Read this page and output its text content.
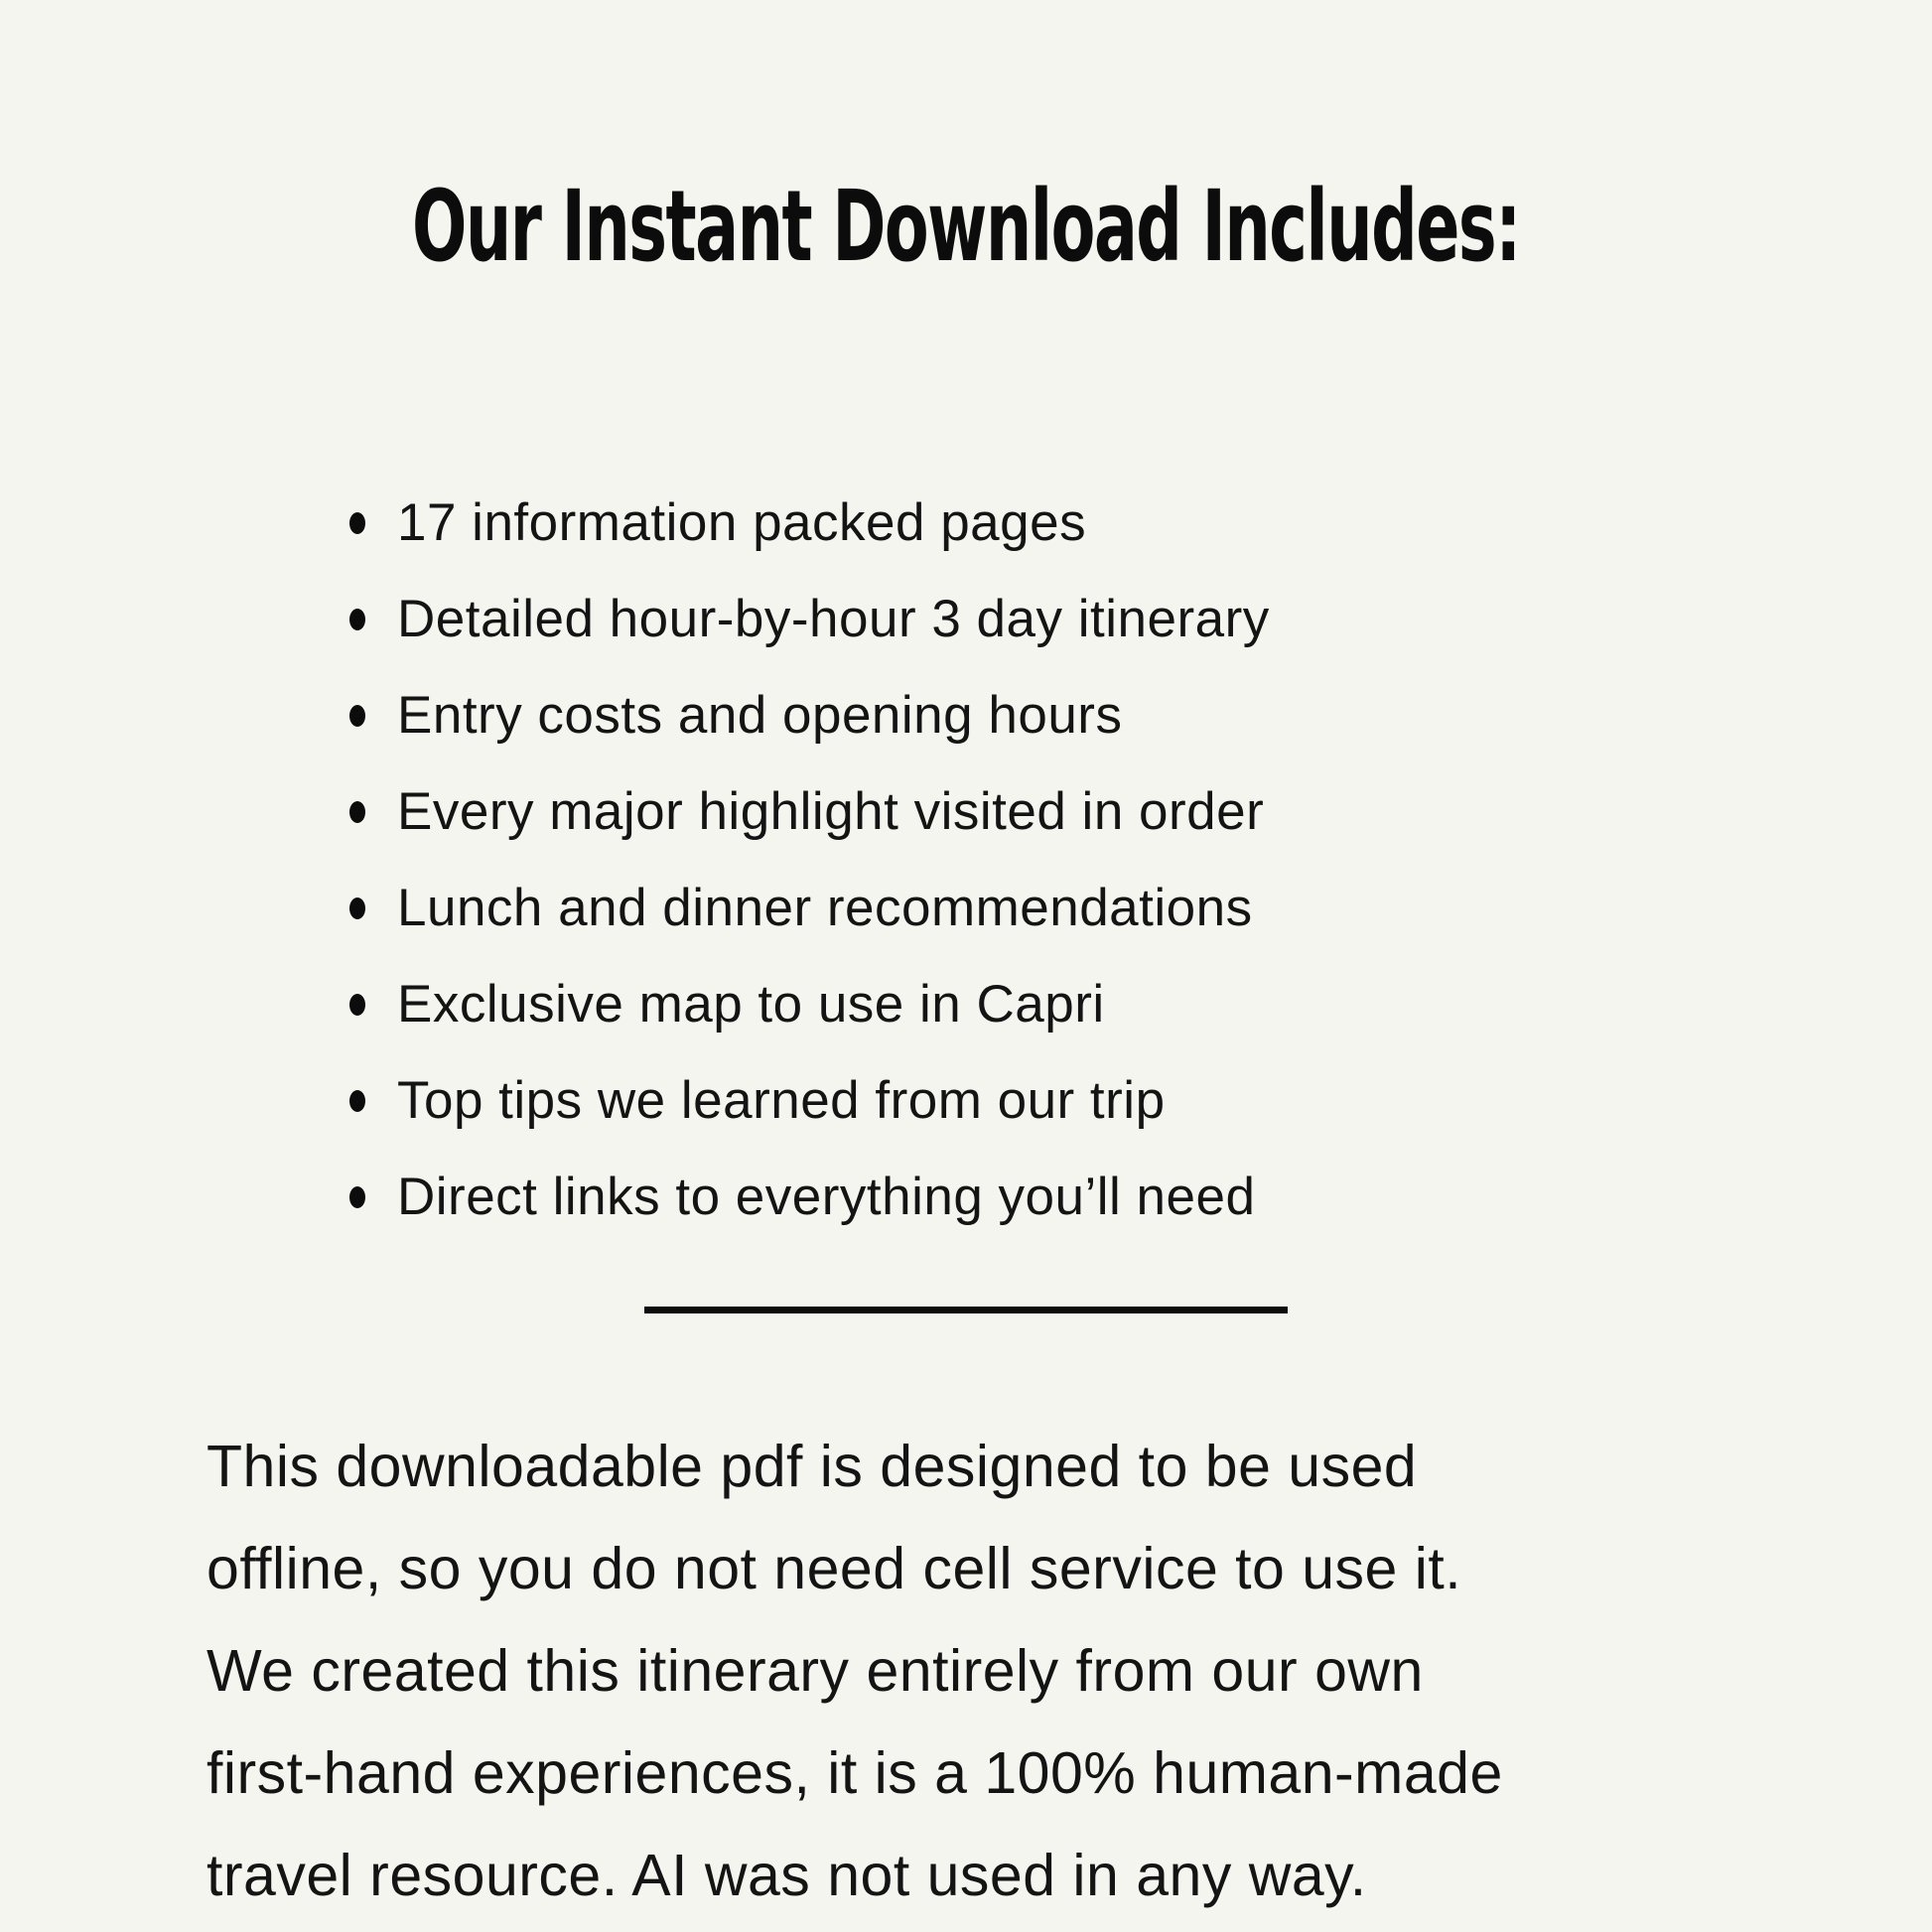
Our Instant Download Includes:
17 information packed pages
Detailed hour-by-hour 3 day itinerary
Entry costs and opening hours
Every major highlight visited in order
Lunch and dinner recommendations
Exclusive map to use in Capri
Top tips we learned from our trip
Direct links to everything you’ll need
This downloadable pdf is designed to be used
offline, so you do not need cell service to use it.
We created this itinerary entirely from our own
first-hand experiences, it is a 100% human-made
travel resource. AI was not used in any way.
